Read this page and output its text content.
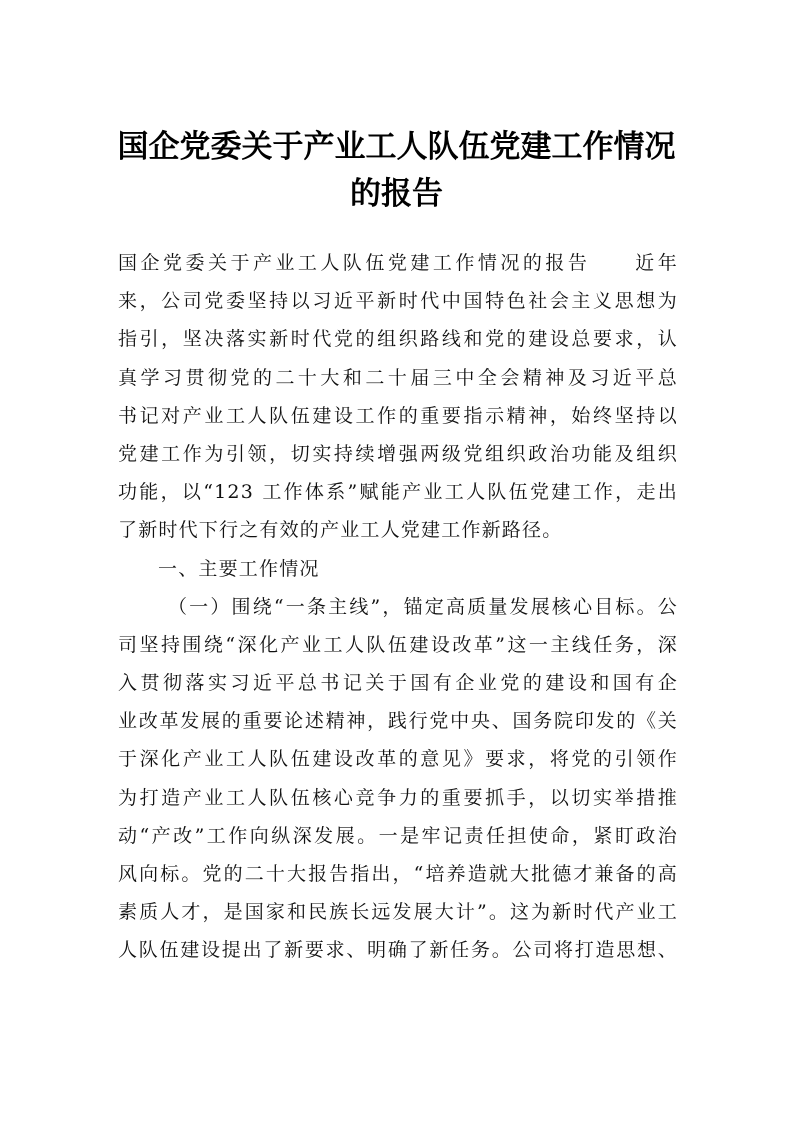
国企党委关于产业工人队伍党建工作情况
的报告
国企党委关于产业工人队伍党建工作情况的报告　　近年
来，公司党委坚持以习近平新时代中国特色社会主义思想为
指引，坚决落实新时代党的组织路线和党的建设总要求，认
真学习贯彻党的二十大和二十届三中全会精神及习近平总
书记对产业工人队伍建设工作的重要指示精神，始终坚持以
党建工作为引领，切实持续增强两级党组织政治功能及组织
功能，以“123 工作体系”赋能产业工人队伍党建工作，走出
了新时代下行之有效的产业工人党建工作新路径。
一、主要工作情况
（一）围绕“一条主线”，锚定高质量发展核心目标。公
司坚持围绕“深化产业工人队伍建设改革”这一主线任务，深
入贯彻落实习近平总书记关于国有企业党的建设和国有企
业改革发展的重要论述精神，践行党中央、国务院印发的《关
于深化产业工人队伍建设改革的意见》要求，将党的引领作
为打造产业工人队伍核心竞争力的重要抓手，以切实举措推
动“产改”工作向纵深发展。一是牢记责任担使命，紧盯政治
风向标。党的二十大报告指出，“培养造就大批德才兼备的高
素质人才，是国家和民族长远发展大计”。这为新时代产业工
人队伍建设提出了新要求、明确了新任务。公司将打造思想、
